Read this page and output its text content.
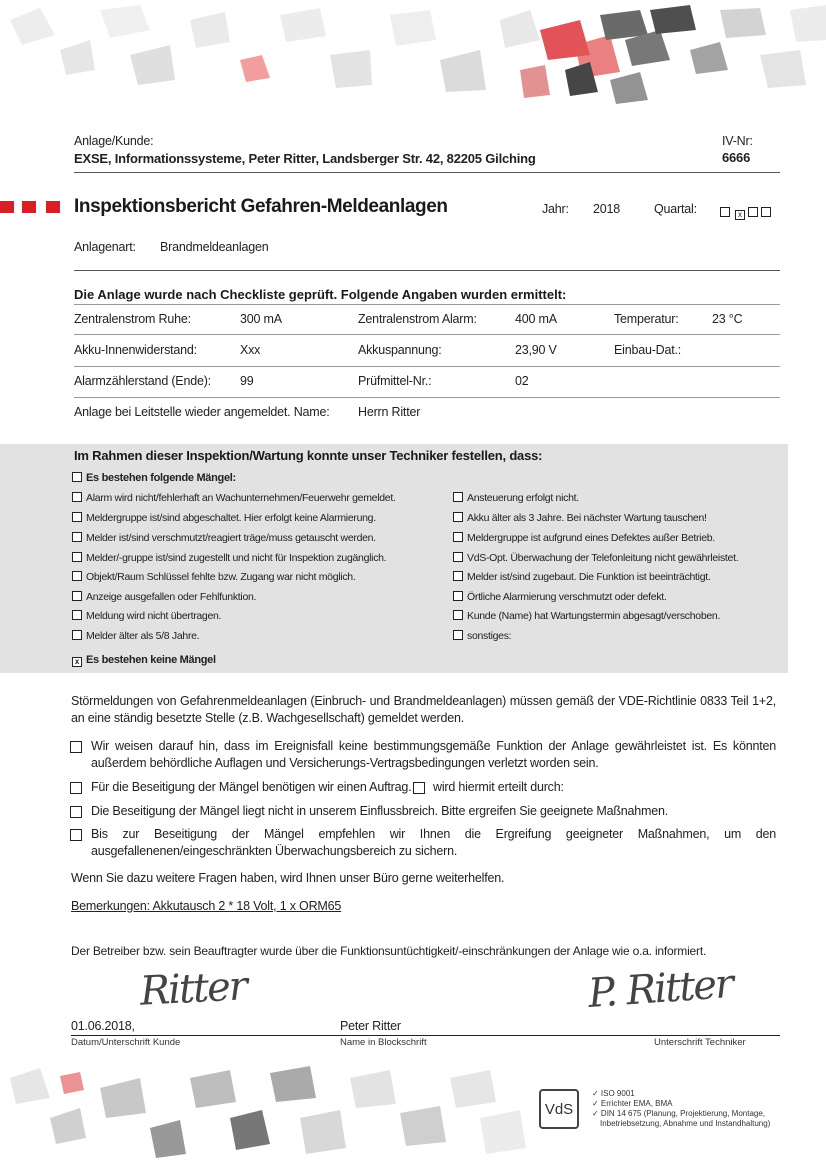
Anlage/Kunde:
EXSE, Informationssysteme, Peter Ritter, Landsberger Str. 42, 82205 Gilching
IV-Nr:
6666
Inspektionsbericht Gefahren-Meldeanlagen	Jahr: 2018	Quartal:	x
Anlagenart: Brandmeldeanlagen
Die Anlage wurde nach Checkliste geprüft. Folgende Angaben wurden ermittelt:
Zentralenstrom Ruhe:	300 mA	Zentralenstrom Alarm:	400 mA	Temperatur:	23 °C
Akku-Innenwiderstand:	Xxx	Akkuspannung:	23,90 V	Einbau-Dat.:
Alarmzählerstand (Ende): 99	Prüfmittel-Nr.:	02
Anlage bei Leitstelle wieder angemeldet. Name: Herrn Ritter
Im Rahmen dieser Inspektion/Wartung konnte unser Techniker festellen, dass:
Es bestehen folgende Mängel:
Alarm wird nicht/fehlerhaft an Wachunternehmen/Feuerwehr gemeldet.
Meldergruppe ist/sind abgeschaltet. Hier erfolgt keine Alarmierung.
Melder ist/sind verschmutzt/reagiert träge/muss getauscht werden.
Melder/-gruppe ist/sind zugestellt und nicht für Inspektion zugänglich.
Objekt/Raum Schlüssel fehlte bzw. Zugang war nicht möglich.
Anzeige ausgefallen oder Fehlfunktion.
Meldung wird nicht übertragen.
Melder älter als 5/8 Jahre.
Ansteuerung erfolgt nicht.
Akku älter als 3 Jahre. Bei nächster Wartung tauschen!
Meldergruppe ist aufgrund eines Defektes außer Betrieb.
VdS-Opt. Überwachung der Telefonleitung nicht gewährleistet.
Melder ist/sind zugebaut. Die Funktion ist beeinträchtigt.
Örtliche Alarmierung verschmutzt oder defekt.
Kunde (Name) hat Wartungstermin abgesagt/verschoben.
sonstiges:
x Es bestehen keine Mängel
Störmeldungen von Gefahrenmeldeanlagen (Einbruch- und Brandmeldeanlagen) müssen gemäß der VDE-Richtlinie 0833 Teil 1+2, an eine ständig besetzte Stelle (z.B. Wachgesellschaft) gemeldet werden.
Wir weisen darauf hin, dass im Ereignisfall keine bestimmungsgemäße Funktion der Anlage gewährleistet ist. Es könnten außerdem behördliche Auflagen und Versicherungs-Vertragsbedingungen verletzt worden sein.
Für die Beseitigung der Mängel benötigen wir einen Auftrag. wird hiermit erteilt durch:
Die Beseitigung der Mängel liegt nicht in unserem Einflussbreich. Bitte ergreifen Sie geeignete Maßnahmen.
Bis zur Beseitigung der Mängel empfehlen wir Ihnen die Ergreifung geeigneter Maßnahmen, um den ausgefallenenen/eingeschränkten Überwachungsbereich zu sichern.
Wenn Sie dazu weitere Fragen haben, wird Ihnen unser Büro gerne weiterhelfen.
Bemerkungen: Akkutausch 2 * 18 Volt, 1 x ORM65
Der Betreiber bzw. sein Beauftragter wurde über die Funktionsuntüchtigkeit/-einschränkungen der Anlage wie o.a. informiert.
Ritter	P. Ritter
01.06.2018,	Peter Ritter
Datum/Unterschrift Kunde	Name in Blockschrift	Unterschrift Techniker
VdS
✓ ISO 9001
✓ Errichter EMA, BMA
✓ DIN 14 675 (Planung, Projektierung, Montage,
Inbetriebsetzung, Abnahme und Instandhaltung)
